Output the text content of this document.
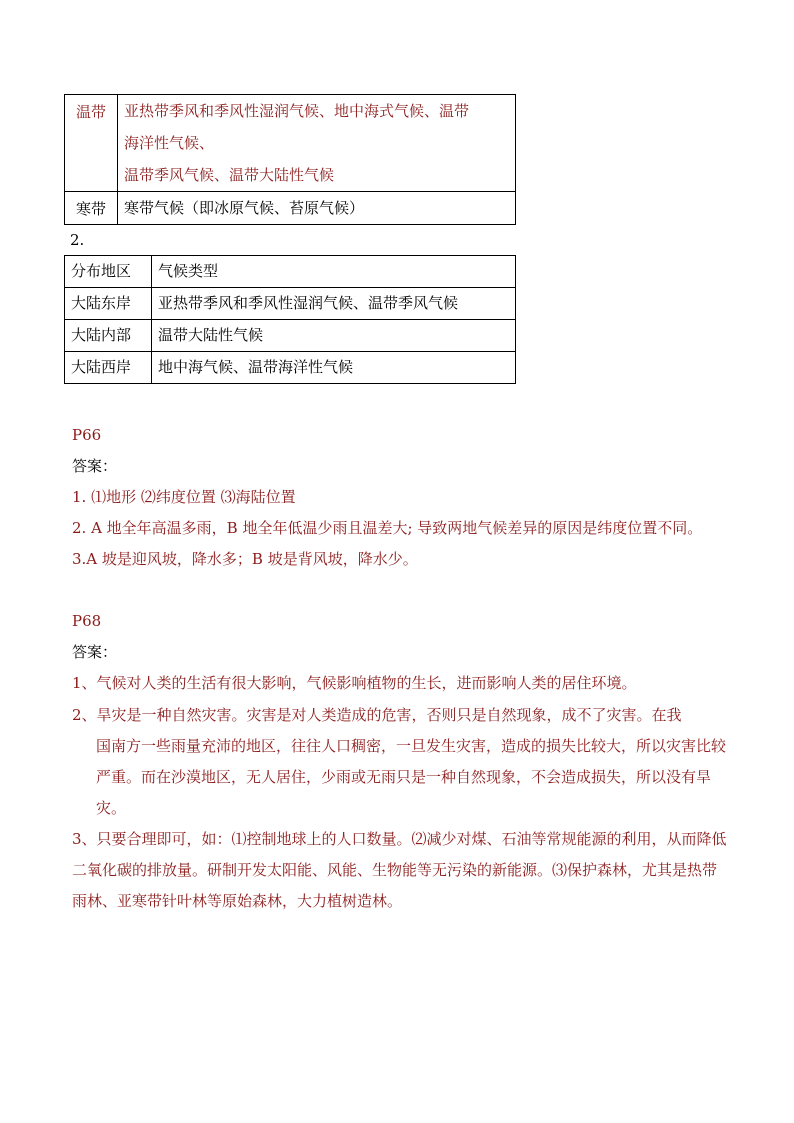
温带	亚热带季风和季风性湿润气候、地中海式气候、温带
海洋性气候、
温带季风气候、温带大陆性气候

寒带	寒带气候（即冰原气候、苔原气候）
2.
分布地区	气候类型
大陆东岸	亚热带季风和季风性湿润气候、温带季风气候
大陆内部	温带大陆性气候
大陆西岸	地中海气候、温带海洋性气候
P66
答案：
1. ⑴地形 ⑵纬度位置 ⑶海陆位置
2. A 地全年高温多雨，B 地全年低温少雨且温差大; 导致两地气候差异的原因是纬度位置不同。
3.A 坡是迎风坡，降水多；B 坡是背风坡，降水少。
P68
答案：
1、气候对人类的生活有很大影响，气候影响植物的生长，进而影响人类的居住环境。
2、旱灾是一种自然灾害。灾害是对人类造成的危害，否则只是自然现象，成不了灾害。在我
国南方一些雨量充沛的地区，往往人口稠密，一旦发生灾害，造成的损失比较大，所以灾害比较严重。而在沙漠地区，无人居住，少雨或无雨只是一种自然现象，不会造成损失，所以没有旱灾。
3、只要合理即可，如：⑴控制地球上的人口数量。⑵减少对煤、石油等常规能源的利用，从而降低二氧化碳的排放量。研制开发太阳能、风能、生物能等无污染的新能源。⑶保护森林，尤其是热带雨林、亚寒带针叶林等原始森林，大力植树造林。
